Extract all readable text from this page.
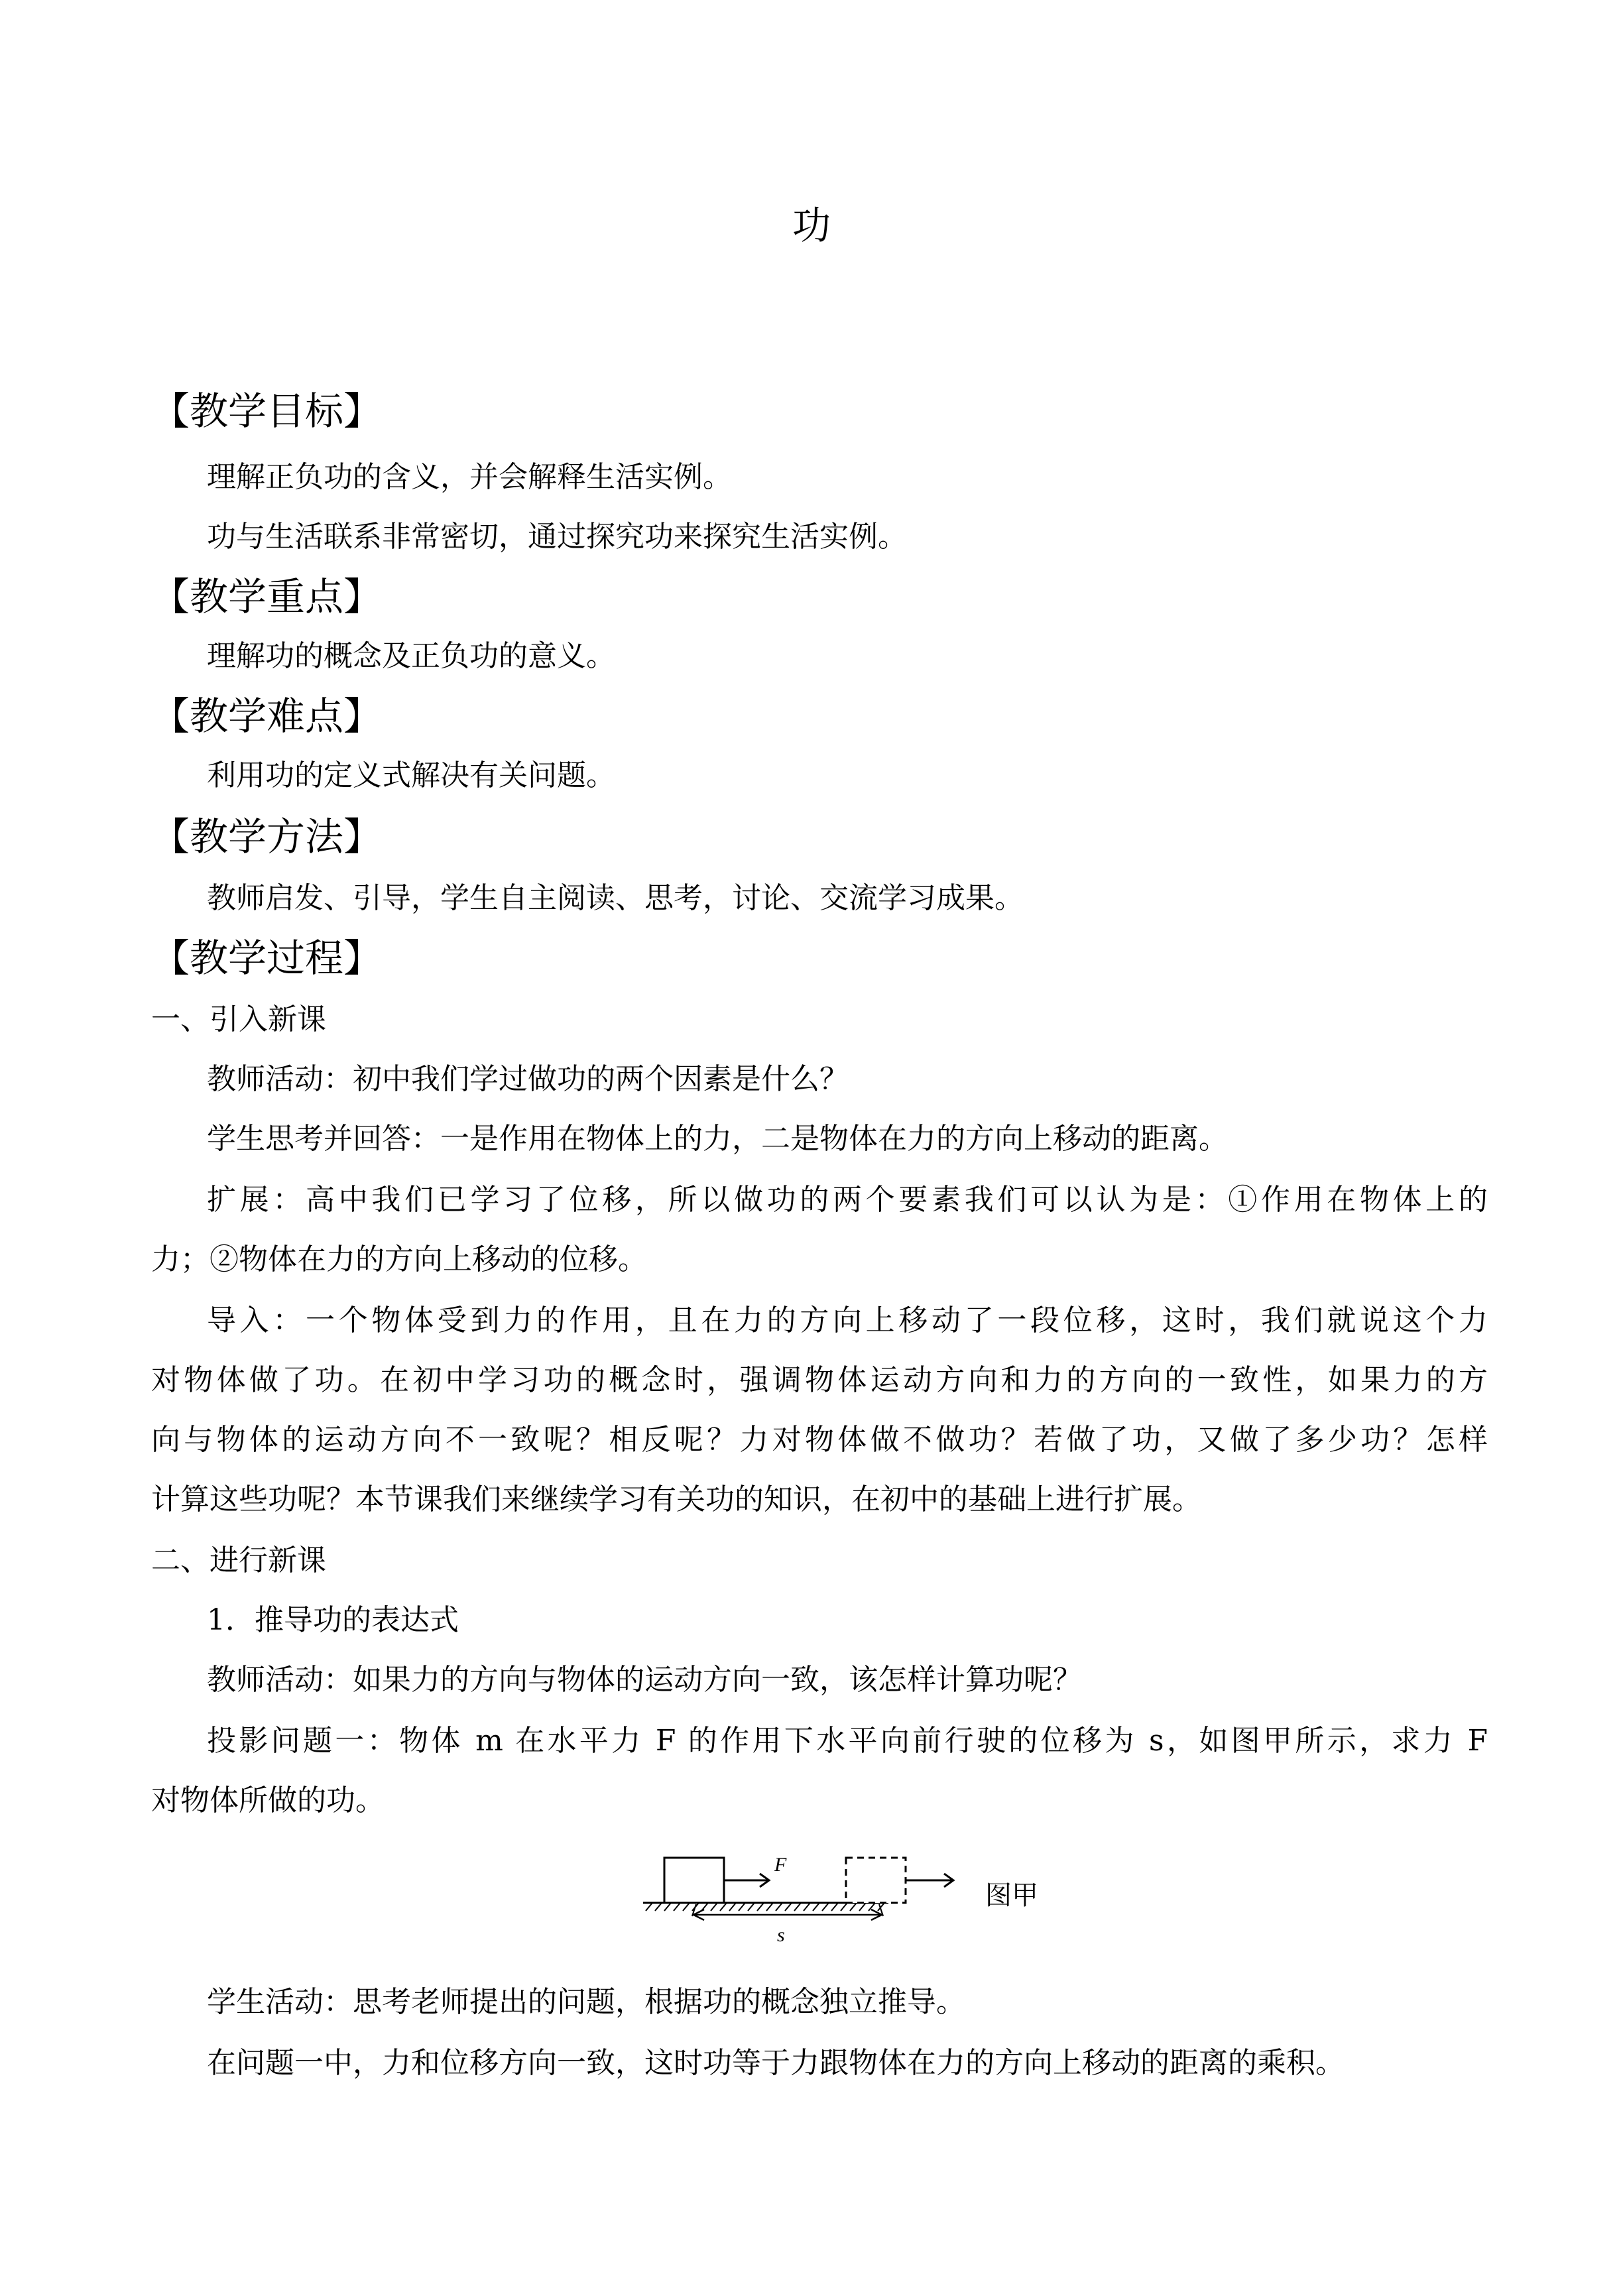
功
【教学目标】
理解正负功的含义，并会解释生活实例。
功与生活联系非常密切，通过探究功来探究生活实例。
【教学重点】
理解功的概念及正负功的意义。
【教学难点】
利用功的定义式解决有关问题。
【教学方法】
教师启发、引导，学生自主阅读、思考，讨论、交流学习成果。
【教学过程】
一、引入新课
教师活动：初中我们学过做功的两个因素是什么？
学生思考并回答：一是作用在物体上的力，二是物体在力的方向上移动的距离。
扩展：高中我们已学习了位移，所以做功的两个要素我们可以认为是：①作用在物体上的
力；②物体在力的方向上移动的位移。
导入：一个物体受到力的作用，且在力的方向上移动了一段位移，这时，我们就说这个力
对物体做了功。在初中学习功的概念时，强调物体运动方向和力的方向的一致性，如果力的方
向与物体的运动方向不一致呢？相反呢？力对物体做不做功？若做了功，又做了多少功？怎样
计算这些功呢？本节课我们来继续学习有关功的知识，在初中的基础上进行扩展。
二、进行新课
1．推导功的表达式
教师活动：如果力的方向与物体的运动方向一致，该怎样计算功呢？
投影问题一：物体 m 在水平力 F 的作用下水平向前行驶的位移为 s，如图甲所示，求力 F
对物体所做的功。
F
s
图甲
学生活动：思考老师提出的问题，根据功的概念独立推导。
在问题一中，力和位移方向一致，这时功等于力跟物体在力的方向上移动的距离的乘积。
